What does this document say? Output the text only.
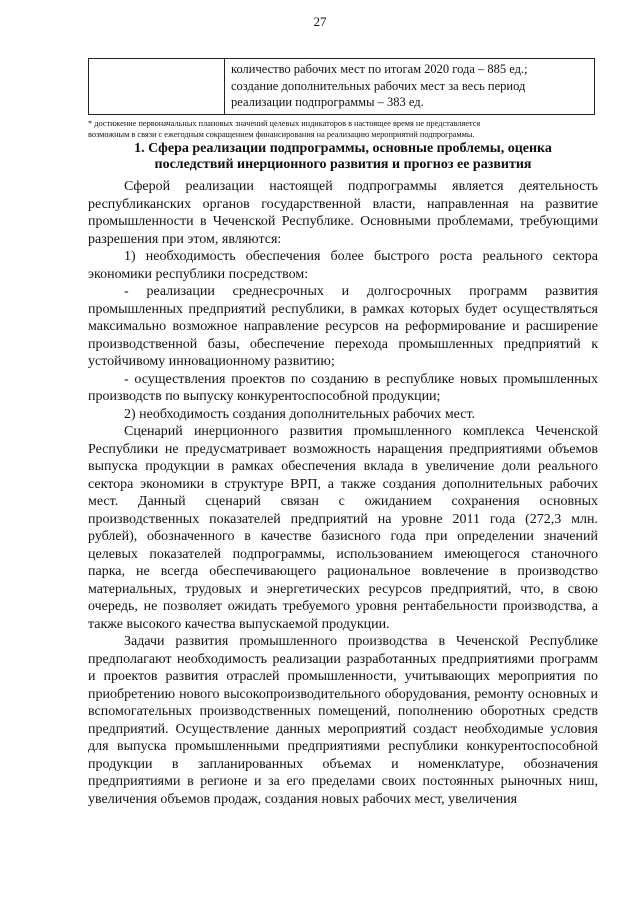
27

количество рабочих мест по итогам 2020 года – 885 ед.;
создание дополнительных рабочих мест за весь период
реализации подпрограммы – 383 ед.
* достижение первоначальных плановых значений целевых индикаторов в настоящее время не представляется
возможным в связи с ежегодным сокращением финансирования на реализацию мероприятий подпрограммы.
1. Сфера реализации подпрограммы, основные проблемы, оценка
последствий инерционного развития и прогноз ее развития

Сферой реализации настоящей подпрограммы является деятельность республиканских органов государственной власти, направленная на развитие промышленности в Чеченской Республике. Основными проблемами, требующими разрешения при этом, являются:

1) необходимость обеспечения более быстрого роста реального сектора экономики республики посредством:

- реализации среднесрочных и долгосрочных программ развития промышленных предприятий республики, в рамках которых будет осуществляться максимально возможное направление ресурсов на реформирование и расширение производственной базы, обеспечение перехода промышленных предприятий к устойчивому инновационному развитию;

- осуществления проектов по созданию в республике новых промышленных производств по выпуску конкурентоспособной продукции;

2) необходимость создания дополнительных рабочих мест.

Сценарий инерционного развития промышленного комплекса Чеченской Республики не предусматривает возможность наращения предприятиями объемов выпуска продукции в рамках обеспечения вклада в увеличение доли реального сектора экономики в структуре ВРП, а также создания дополнительных рабочих мест. Данный сценарий связан с ожиданием сохранения основных производственных показателей предприятий на уровне 2011 года (272,3 млн. рублей), обозначенного в качестве базисного года при определении значений целевых показателей подпрограммы, использованием имеющегося станочного парка, не всегда обеспечивающего рациональное вовлечение в производство материальных, трудовых и энергетических ресурсов предприятий, что, в свою очередь, не позволяет ожидать требуемого уровня рентабельности производства, а также высокого качества выпускаемой продукции.

Задачи развития промышленного производства в Чеченской Республике предполагают необходимость реализации разработанных предприятиями программ и проектов развития отраслей промышленности, учитывающих мероприятия по приобретению нового высокопроизводительного оборудования, ремонту основных и вспомогательных производственных помещений, пополнению оборотных средств предприятий. Осуществление данных мероприятий создаст необходимые условия для выпуска промышленными предприятиями республики конкурентоспособной продукции в запланированных объемах и номенклатуре, обозначения предприятиями в регионе и за его пределами своих постоянных рыночных ниш, увеличения объемов продаж, создания новых рабочих мест, увеличения
